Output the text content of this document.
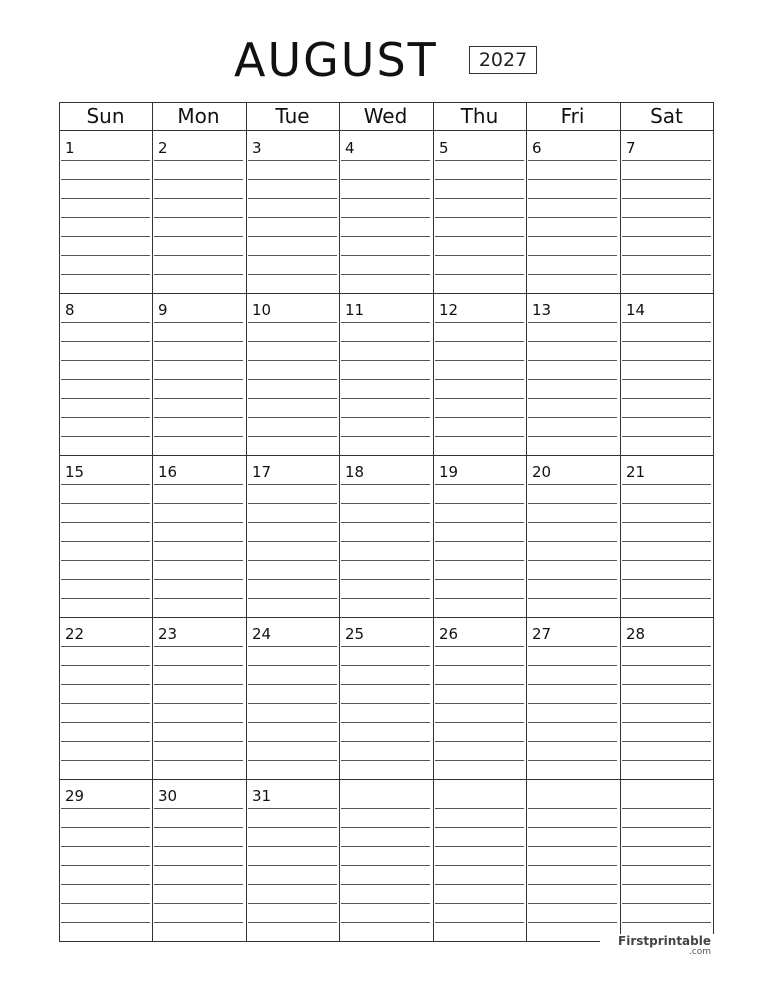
AUGUST	2027
Sun	Mon	Tue	Wed	Thu	Fri	Sat
1	2	3	4	5	6	7
8	9	10	11	12	13	14
15	16	17	18	19	20	21
22	23	24	25	26	27	28
29	30	31
Firstprintable
.com
